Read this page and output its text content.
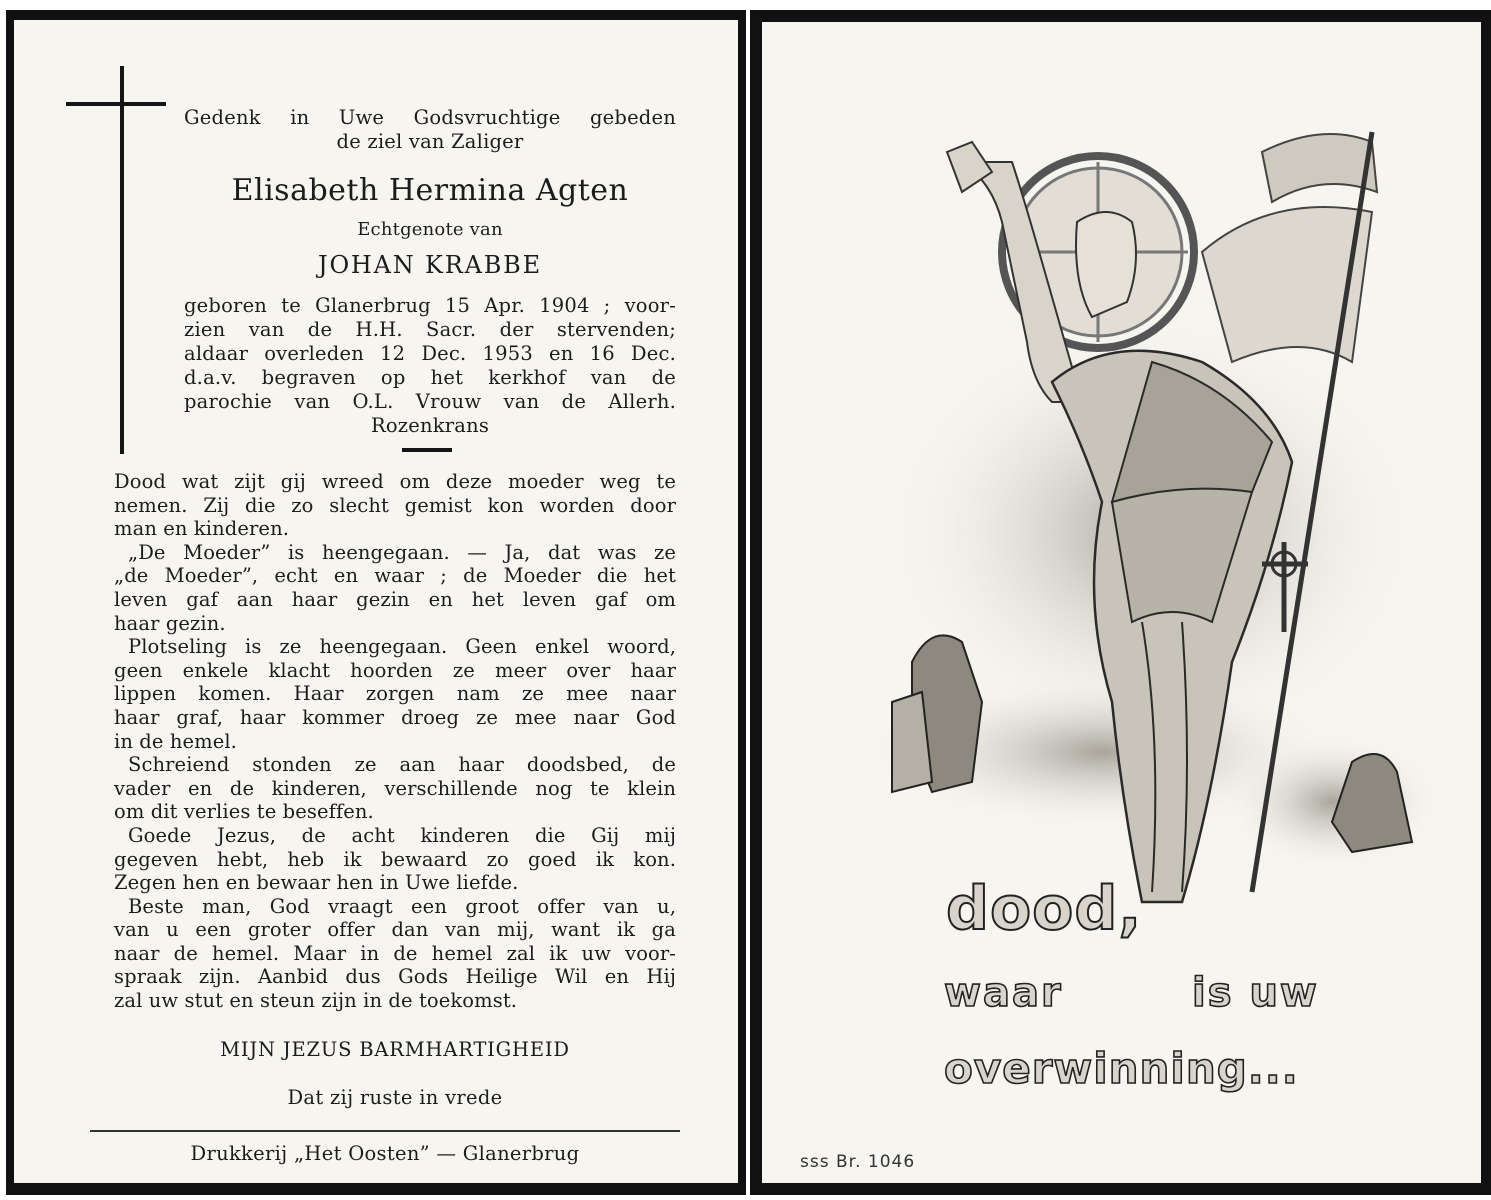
Gedenk in Uwe Godsvruchtige gebeden
de ziel van Zaliger
Elisabeth Hermina Agten
Echtgenote van
JOHAN KRABBE
geboren te Glanerbrug 15 Apr. 1904 ; voor-
zien van de H.H. Sacr. der stervenden;
aldaar overleden 12 Dec. 1953 en 16 Dec.
d.a.v. begraven op het kerkhof van de
parochie van O.L. Vrouw van de Allerh.
Rozenkrans
Dood wat zijt gij wreed om deze moeder weg te
nemen. Zij die zo slecht gemist kon worden door
man en kinderen.
„De Moeder” is heengegaan. — Ja, dat was ze
„de Moeder”, echt en waar ; de Moeder die het
leven gaf aan haar gezin en het leven gaf om
haar gezin.
Plotseling is ze heengegaan. Geen enkel woord,
geen enkele klacht hoorden ze meer over haar
lippen komen. Haar zorgen nam ze mee naar
haar graf, haar kommer droeg ze mee naar God
in de hemel.
Schreiend stonden ze aan haar doodsbed, de
vader en de kinderen, verschillende nog te klein
om dit verlies te beseffen.
Goede Jezus, de acht kinderen die Gij mij
gegeven hebt, heb ik bewaard zo goed ik kon.
Zegen hen en bewaar hen in Uwe liefde.
Beste man, God vraagt een groot offer van u,
van u een groter offer dan van mij, want ik ga
naar de hemel. Maar in de hemel zal ik uw voor-
spraak zijn. Aanbid dus Gods Heilige Wil en Hij
zal uw stut en steun zijn in de toekomst.
MIJN JEZUS BARMHARTIGHEID
Dat zij ruste in vrede
Drukkerij „Het Oosten” — Glanerbrug
dood,
waar	is uw
overwinning...
sss Br. 1046
